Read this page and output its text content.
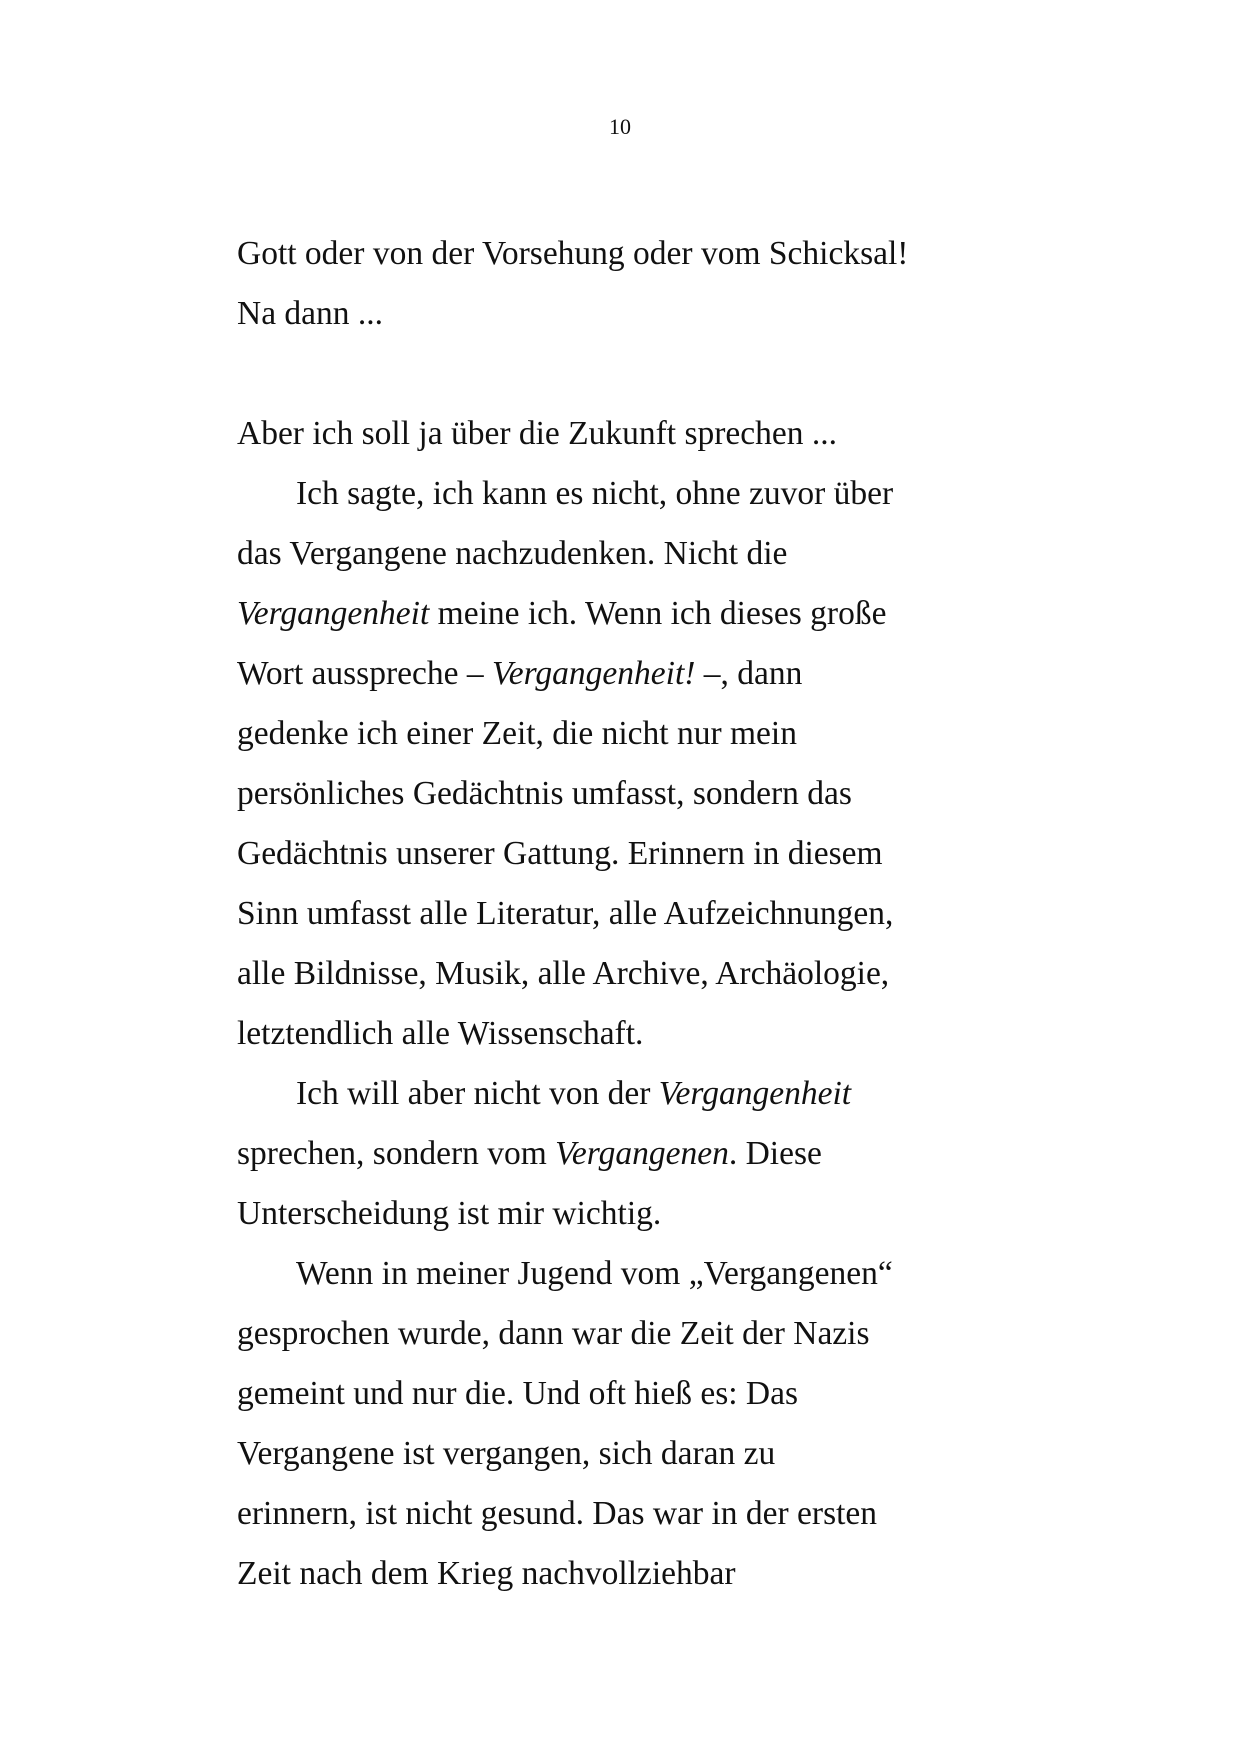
10
Gott oder von der Vorsehung oder vom Schicksal!
Na dann ...
Aber ich soll ja über die Zukunft sprechen ...
Ich sagte, ich kann es nicht, ohne zuvor über
das Vergangene nachzudenken. Nicht die
Vergangenheit meine ich. Wenn ich dieses große
Wort ausspreche – Vergangenheit! –, dann
gedenke ich einer Zeit, die nicht nur mein
persönliches Gedächtnis umfasst, sondern das
Gedächtnis unserer Gattung. Erinnern in diesem
Sinn umfasst alle Literatur, alle Aufzeichnungen,
alle Bildnisse, Musik, alle Archive, Archäologie,
letztendlich alle Wissenschaft.
Ich will aber nicht von der Vergangenheit
sprechen, sondern vom Vergangenen. Diese
Unterscheidung ist mir wichtig.
Wenn in meiner Jugend vom „Vergangenen“
gesprochen wurde, dann war die Zeit der Nazis
gemeint und nur die. Und oft hieß es: Das
Vergangene ist vergangen, sich daran zu
erinnern, ist nicht gesund. Das war in der ersten
Zeit nach dem Krieg nachvollziehbar
